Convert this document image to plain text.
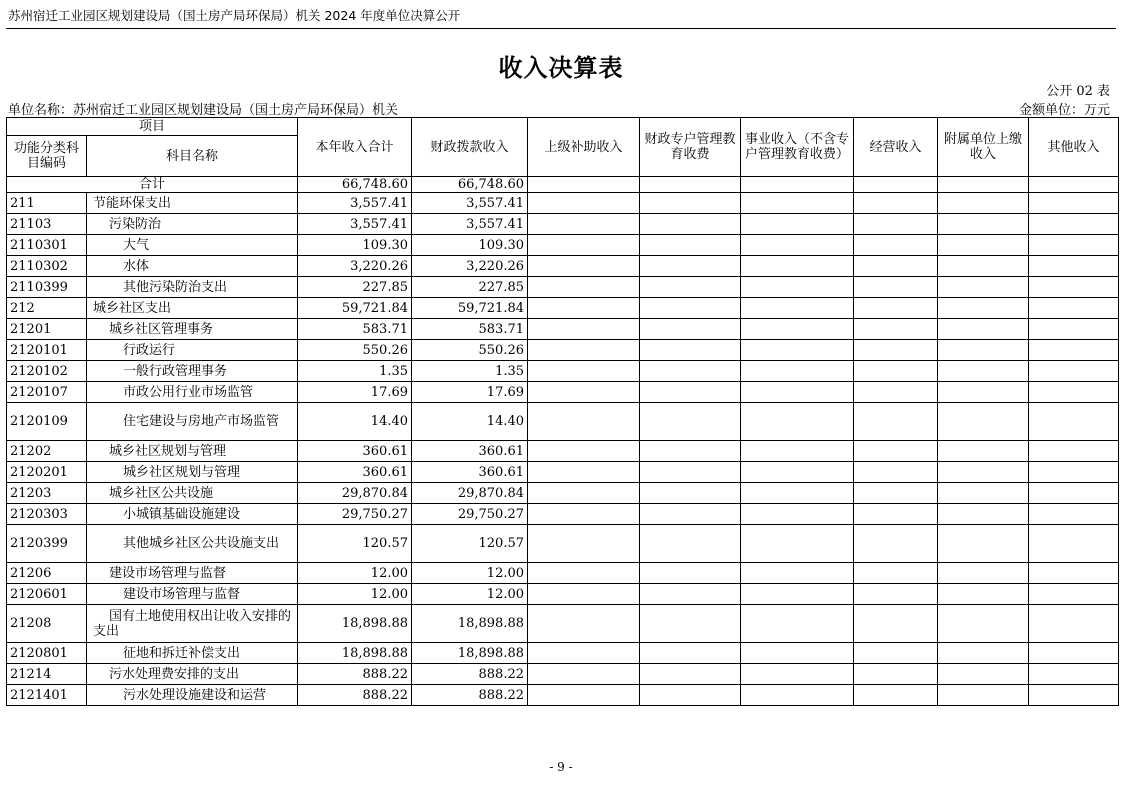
苏州宿迁工业园区规划建设局（国土房产局环保局）机关 2024 年度单位决算公开
收入决算表
公开 02 表
单位名称：苏州宿迁工业园区规划建设局（国土房产局环保局）机关	金额单位：万元
项目		本年收入合计	财政拨款收入	上级补助收入	财政专户管理教育收费	事业收入（不含专户管理教育收费）	经营收入	附属单位上缴收入	其他收入
功能分类科目编码	科目名称								
合计		66,748.60	66,748.60						
211	节能环保支出	3,557.41	3,557.41						
21103	污染防治	3,557.41	3,557.41						
2110301	大气	109.30	109.30						
2110302	水体	3,220.26	3,220.26						
2110399	其他污染防治支出	227.85	227.85						
212	城乡社区支出	59,721.84	59,721.84						
21201	城乡社区管理事务	583.71	583.71						
2120101	行政运行	550.26	550.26						
2120102	一般行政管理事务	1.35	1.35						
2120107	市政公用行业市场监管	17.69	17.69						
2120109	住宅建设与房地产市场监管	14.40	14.40						
21202	城乡社区规划与管理	360.61	360.61						
2120201	城乡社区规划与管理	360.61	360.61						
21203	城乡社区公共设施	29,870.84	29,870.84						
2120303	小城镇基础设施建设	29,750.27	29,750.27						
2120399	其他城乡社区公共设施支出	120.57	120.57						
21206	建设市场管理与监督	12.00	12.00						
2120601	建设市场管理与监督	12.00	12.00						
21208	国有土地使用权出让收入安排的支出	18,898.88	18,898.88						
2120801	征地和拆迁补偿支出	18,898.88	18,898.88						
21214	污水处理费安排的支出	888.22	888.22						
2121401	污水处理设施建设和运营	888.22	888.22						
- 9 -
